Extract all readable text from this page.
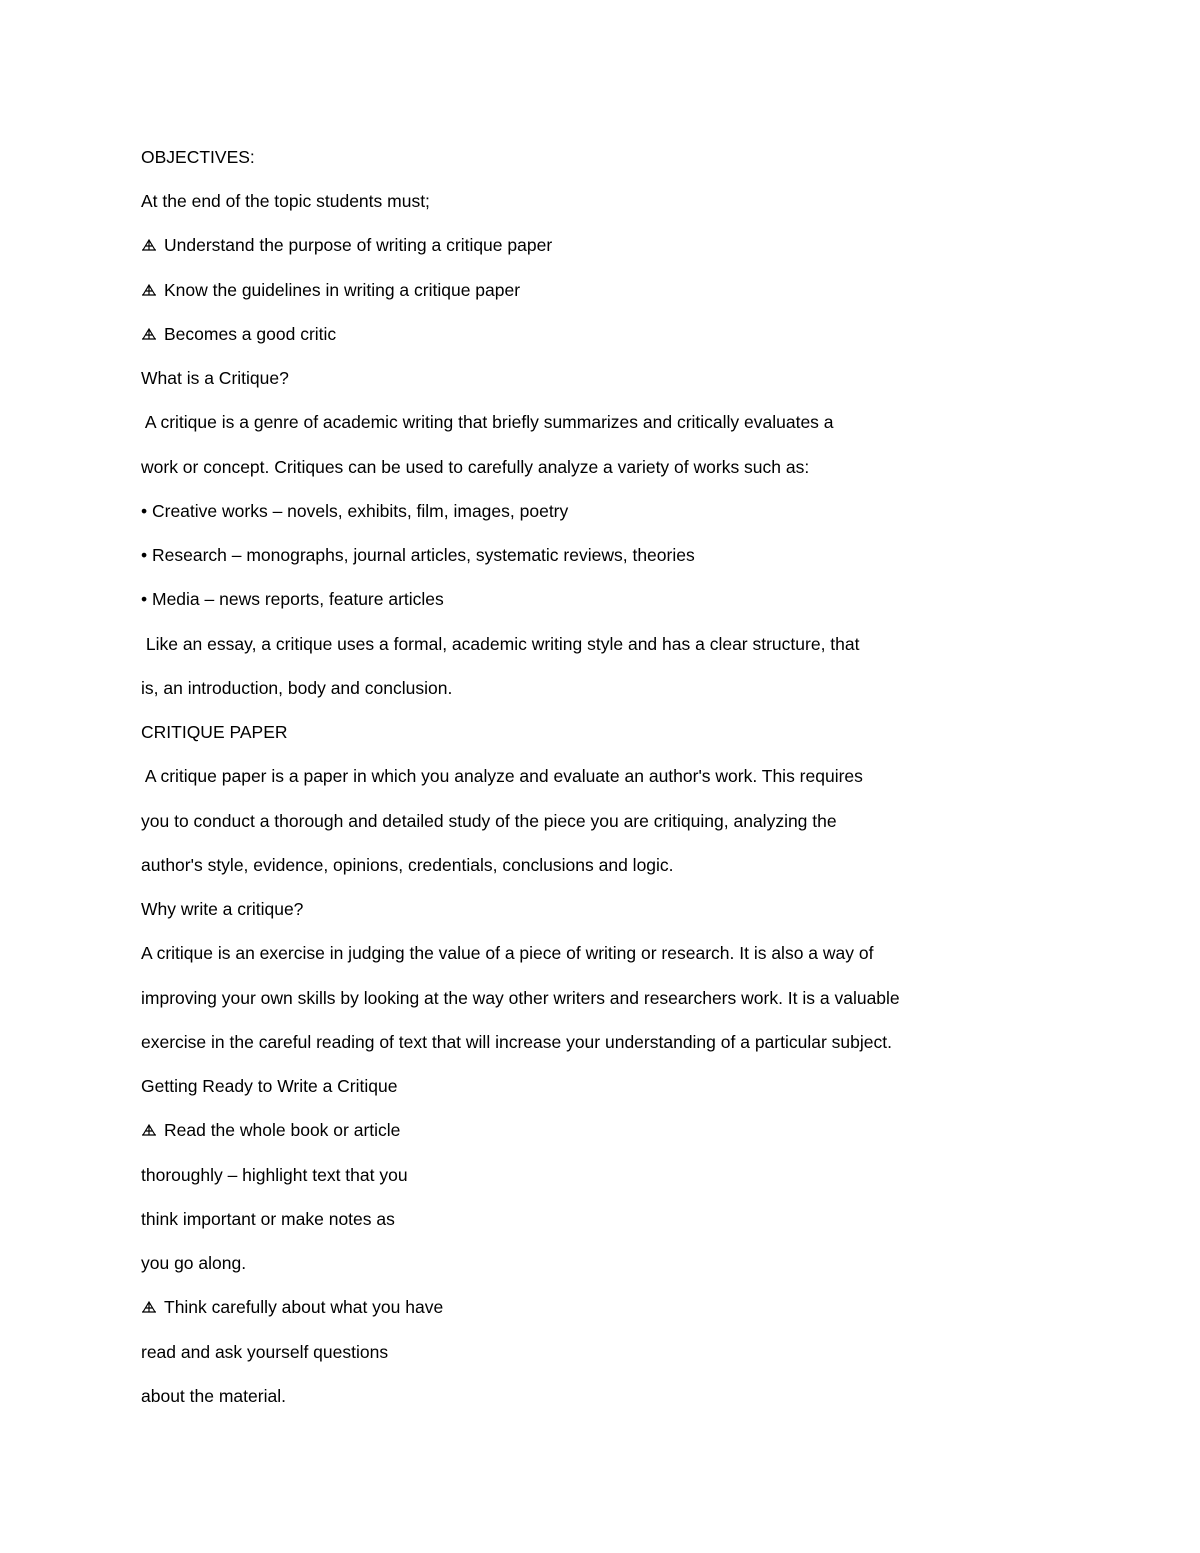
OBJECTIVES:
At the end of the topic students must;
Understand the purpose of writing a critique paper
Know the guidelines in writing a critique paper
Becomes a good critic
What is a Critique?
A critique is a genre of academic writing that briefly summarizes and critically evaluates a
work or concept. Critiques can be used to carefully analyze a variety of works such as:
• Creative works – novels, exhibits, film, images, poetry
• Research – monographs, journal articles, systematic reviews, theories
• Media – news reports, feature articles
Like an essay, a critique uses a formal, academic writing style and has a clear structure, that
is, an introduction, body and conclusion.
CRITIQUE PAPER
A critique paper is a paper in which you analyze and evaluate an author's work. This requires
you to conduct a thorough and detailed study of the piece you are critiquing, analyzing the
author's style, evidence, opinions, credentials, conclusions and logic.
Why write a critique?
A critique is an exercise in judging the value of a piece of writing or research. It is also a way of
improving your own skills by looking at the way other writers and researchers work. It is a valuable
exercise in the careful reading of text that will increase your understanding of a particular subject.
Getting Ready to Write a Critique
Read the whole book or article
thoroughly – highlight text that you
think important or make notes as
you go along.
Think carefully about what you have
read and ask yourself questions
about the material.
